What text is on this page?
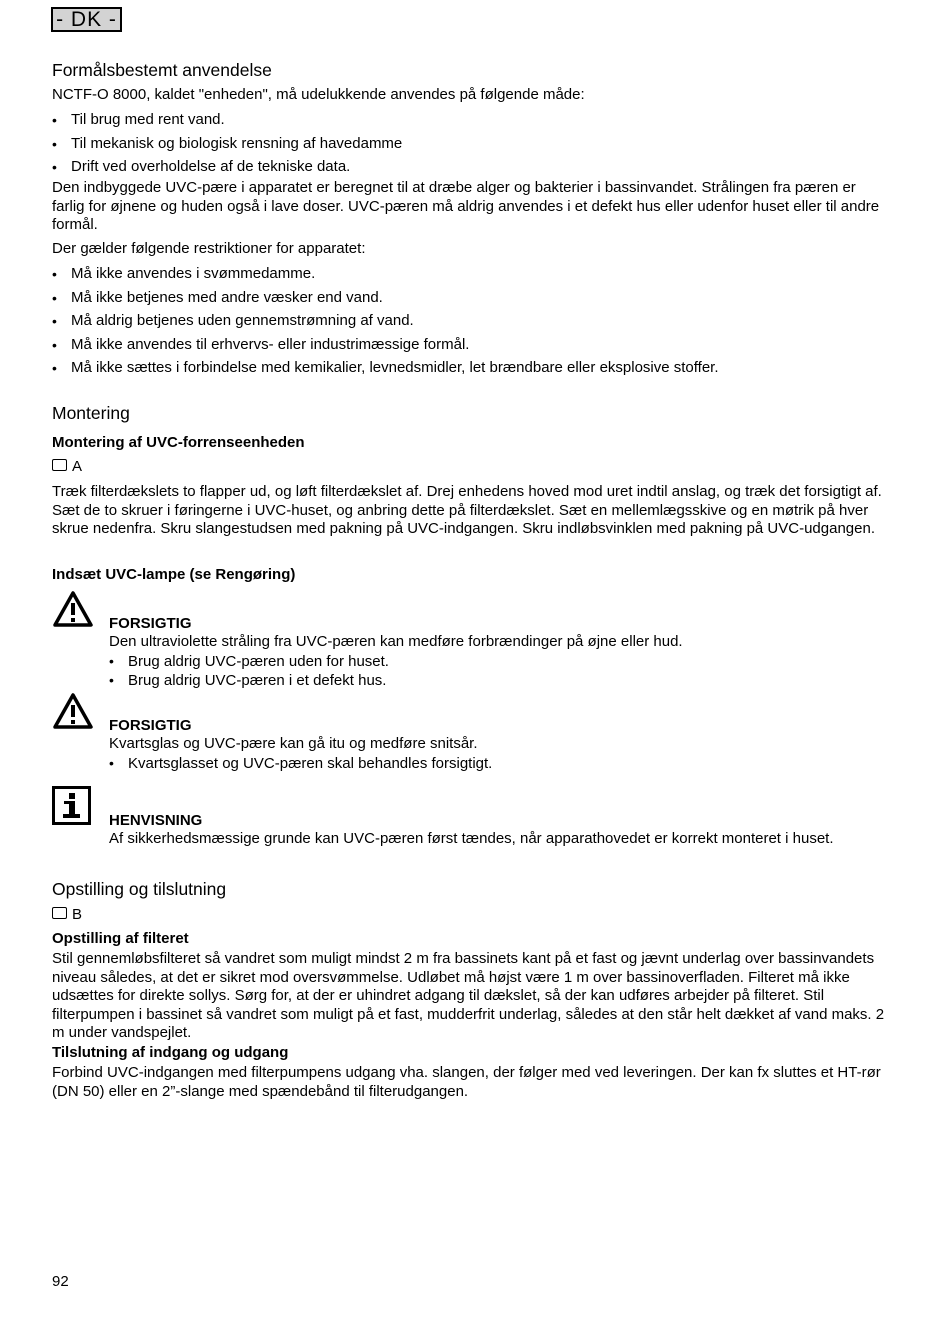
- DK -
Formålsbestemt anvendelse

NCTF-O 8000, kaldet "enheden", må udelukkende anvendes på følgende måde:

• Til brug med rent vand.
• Til mekanisk og biologisk rensning af havedamme
• Drift ved overholdelse af de tekniske data.

Den indbyggede UVC-pære i apparatet er beregnet til at dræbe alger og bakterier i bassinvandet. Strålingen fra pæren er farlig for øjnene og huden også i lave doser. UVC-pæren må aldrig anvendes i et defekt hus eller udenfor huset eller til andre formål.

Der gælder følgende restriktioner for apparatet:

• Må ikke anvendes i svømmedamme.
• Må ikke betjenes med andre væsker end vand.
• Må aldrig betjenes uden gennemstrømning af vand.
• Må ikke anvendes til erhvervs- eller industrimæssige formål.
• Må ikke sættes i forbindelse med kemikalier, levnedsmidler, let brændbare eller eksplosive stoffer.
Montering
Montering af UVC-forrenseenheden
A

Træk filterdækslets to flapper ud, og løft filterdækslet af. Drej enhedens hoved mod uret indtil anslag, og træk det forsigtigt af. Sæt de to skruer i føringerne i UVC-huset, og anbring dette på filterdækslet. Sæt en mellemlægsskive og en møtrik på hver skrue nedenfra. Skru slangestudsen med pakning på UVC-indgangen. Skru indløbsvinklen med pakning på UVC-udgangen.

Indsæt UVC-lampe (se Rengøring)
FORSIGTIG

Den ultraviolette stråling fra UVC-pæren kan medføre forbrændinger på øjne eller hud.

• Brug aldrig UVC-pæren uden for huset.
• Brug aldrig UVC-pæren i et defekt hus.
FORSIGTIG

Kvartsglas og UVC-pære kan gå itu og medføre snitsår.

• Kvartsglasset og UVC-pæren skal behandles forsigtigt.
HENVISNING

Af sikkerhedsmæssige grunde kan UVC-pæren først tændes, når apparathovedet er korrekt monteret i huset.

Opstilling og tilslutning
B
Opstilling af filteret

Stil gennemløbsfilteret så vandret som muligt mindst 2 m fra bassinets kant på et fast og jævnt underlag over bassinvandets niveau således, at det er sikret mod oversvømmelse. Udløbet må højst være 1 m over bassinoverfladen. Filteret må ikke udsættes for direkte sollys. Sørg for, at der er uhindret adgang til dækslet, så der kan udføres arbejder på filteret. Stil filterpumpen i bassinet så vandret som muligt på et fast, mudderfrit underlag, således at den står helt dækket af vand maks. 2 m under vandspejlet.

Tilslutning af indgang og udgang

Forbind UVC-indgangen med filterpumpens udgang vha. slangen, der følger med ved leveringen. Der kan fx sluttes et HT-rør (DN 50) eller en 2”-slange med spændebånd til filterudgangen.

92
